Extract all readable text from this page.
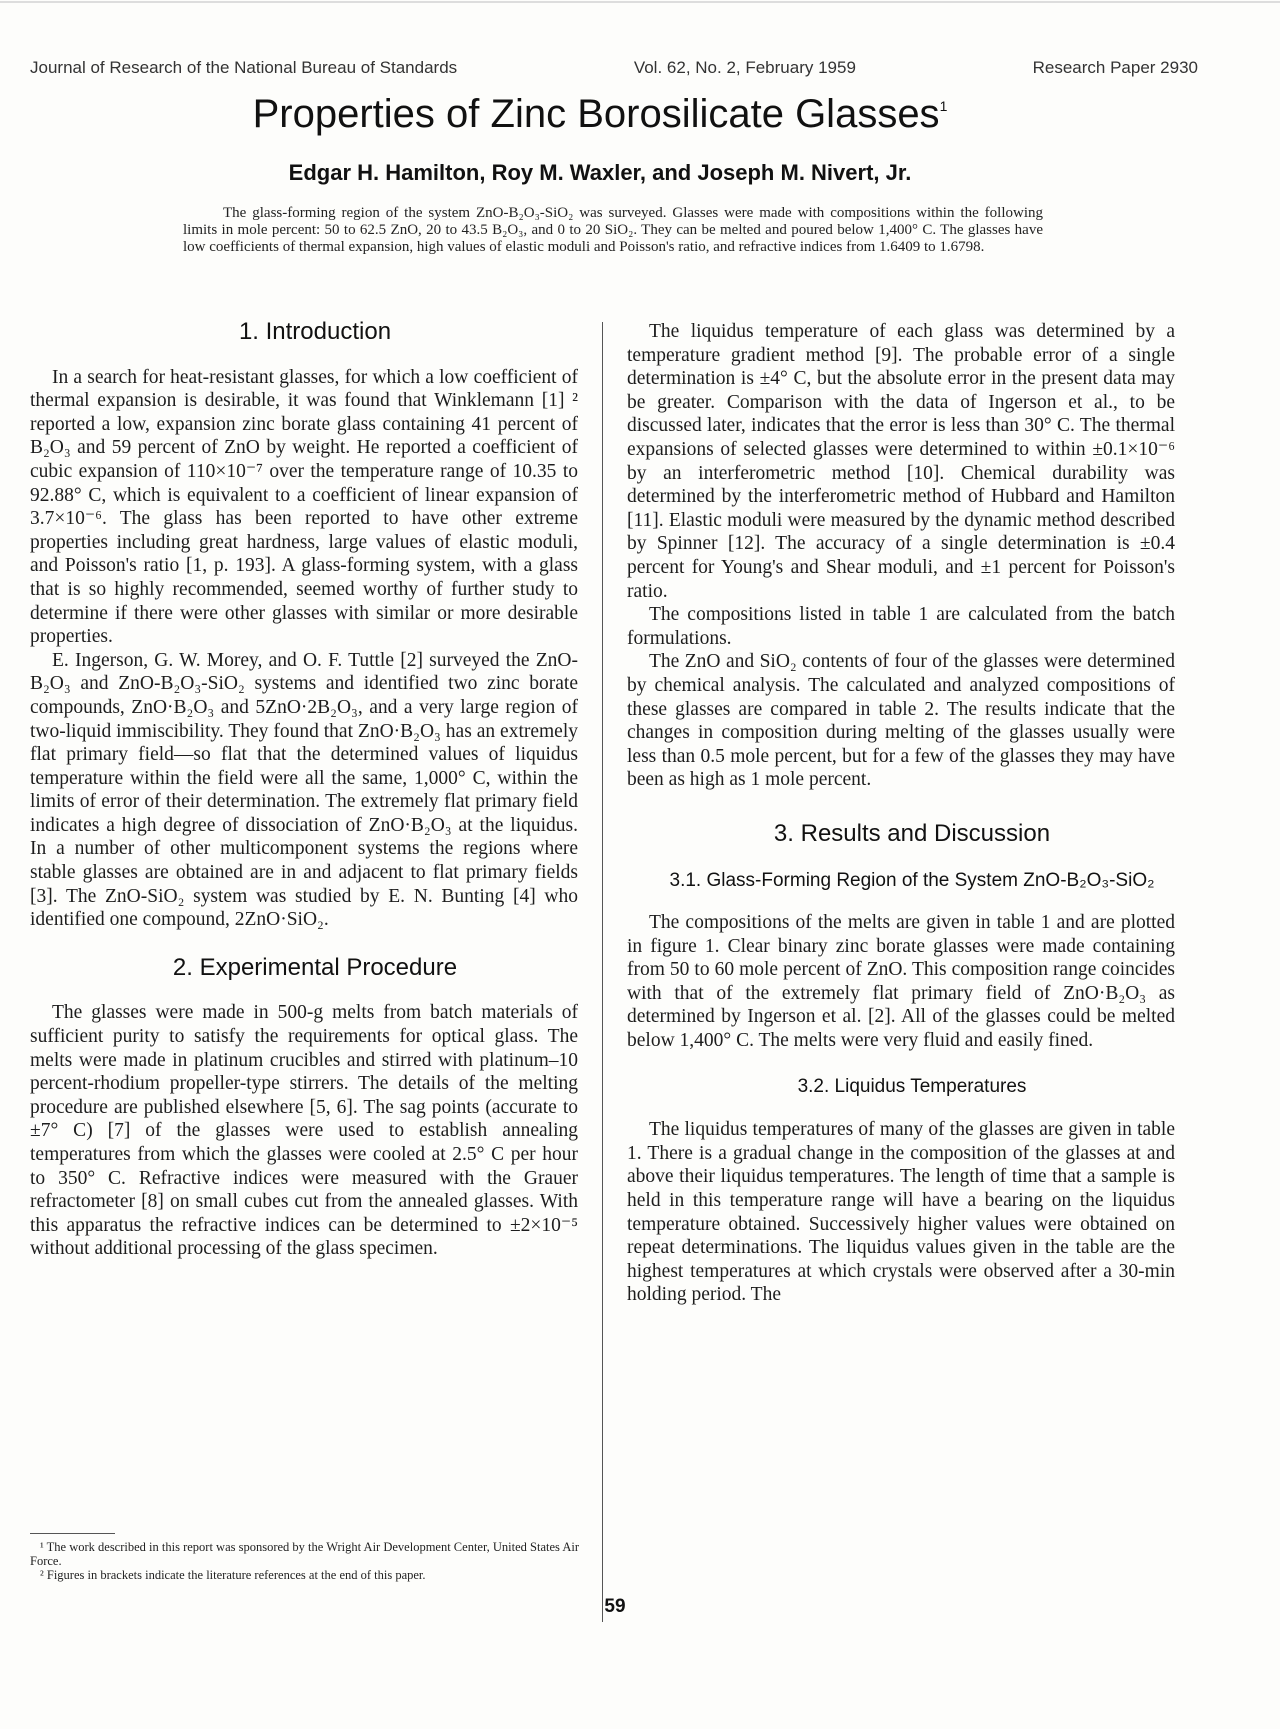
Journal of Research of the National Bureau of Standards	Vol. 62, No. 2, February 1959	Research Paper 2930
Properties of Zinc Borosilicate Glasses$^1$
Edgar H. Hamilton, Roy M. Waxler, and Joseph M. Nivert, Jr.
The glass-forming region of the system ZnO-B₂O₃-SiO₂ was surveyed. Glasses were made with compositions within the following limits in mole percent: 50 to 62.5 ZnO, 20 to 43.5 B₂O₃, and 0 to 20 SiO₂. They can be melted and poured below 1,400° C. The glasses have low coefficients of thermal expansion, high values of elastic moduli and Poisson's ratio, and refractive indices from 1.6409 to 1.6798.

1. Introduction

In a search for heat-resistant glasses, for which a low coefficient of thermal expansion is desirable, it was found that Winklemann [1] ² reported a low, expansion zinc borate glass containing 41 percent of B₂O₃ and 59 percent of ZnO by weight. He reported a coefficient of cubic expansion of 110×10⁻⁷ over the temperature range of 10.35 to 92.88° C, which is equivalent to a coefficient of linear expansion of 3.7×10⁻⁶. The glass has been reported to have other extreme properties including great hardness, large values of elastic moduli, and Poisson's ratio [1, p. 193]. A glass-forming system, with a glass that is so highly recommended, seemed worthy of further study to determine if there were other glasses with similar or more desirable properties.

E. Ingerson, G. W. Morey, and O. F. Tuttle [2] surveyed the ZnO-B₂O₃ and ZnO-B₂O₃-SiO₂ systems and identified two zinc borate compounds, ZnO·B₂O₃ and 5ZnO·2B₂O₃, and a very large region of two-liquid immiscibility. They found that ZnO·B₂O₃ has an extremely flat primary field—so flat that the determined values of liquidus temperature within the field were all the same, 1,000° C, within the limits of error of their determination. The extremely flat primary field indicates a high degree of dissociation of ZnO·B₂O₃ at the liquidus. In a number of other multicomponent systems the regions where stable glasses are obtained are in and adjacent to flat primary fields [3]. The ZnO-SiO₂ system was studied by E. N. Bunting [4] who identified one compound, 2ZnO·SiO₂.

2. Experimental Procedure

The glasses were made in 500-g melts from batch materials of sufficient purity to satisfy the requirements for optical glass. The melts were made in platinum crucibles and stirred with platinum–10 percent-rhodium propeller-type stirrers. The details of the melting procedure are published elsewhere [5, 6]. The sag points (accurate to ±7° C) [7] of the glasses were used to establish annealing temperatures from which the glasses were cooled at 2.5° C per hour to 350° C. Refractive indices were measured with the Grauer refractometer [8] on small cubes cut from the annealed glasses. With this apparatus the refractive indices can be determined to ±2×10⁻⁵ without additional processing of the glass specimen.

The liquidus temperature of each glass was determined by a temperature gradient method [9]. The probable error of a single determination is ±4° C, but the absolute error in the present data may be greater. Comparison with the data of Ingerson et al., to be discussed later, indicates that the error is less than 30° C. The thermal expansions of selected glasses were determined to within ±0.1×10⁻⁶ by an interferometric method [10]. Chemical durability was determined by the interferometric method of Hubbard and Hamilton [11]. Elastic moduli were measured by the dynamic method described by Spinner [12]. The accuracy of a single determination is ±0.4 percent for Young's and Shear moduli, and ±1 percent for Poisson's ratio.

The compositions listed in table 1 are calculated from the batch formulations.

The ZnO and SiO₂ contents of four of the glasses were determined by chemical analysis. The calculated and analyzed compositions of these glasses are compared in table 2. The results indicate that the changes in composition during melting of the glasses usually were less than 0.5 mole percent, but for a few of the glasses they may have been as high as 1 mole percent.

3. Results and Discussion

3.1. Glass-Forming Region of the System ZnO-B₂O₃-SiO₂

The compositions of the melts are given in table 1 and are plotted in figure 1. Clear binary zinc borate glasses were made containing from 50 to 60 mole percent of ZnO. This composition range coincides with that of the extremely flat primary field of ZnO·B₂O₃ as determined by Ingerson et al. [2]. All of the glasses could be melted below 1,400° C. The melts were very fluid and easily fined.

3.2. Liquidus Temperatures

The liquidus temperatures of many of the glasses are given in table 1. There is a gradual change in the composition of the glasses at and above their liquidus temperatures. The length of time that a sample is held in this temperature range will have a bearing on the liquidus temperature obtained. Successively higher values were obtained on repeat determinations. The liquidus values given in the table are the highest temperatures at which crystals were observed after a 30-min holding period. The

¹ The work described in this report was sponsored by the Wright Air Development Center, United States Air Force.
² Figures in brackets indicate the literature references at the end of this paper.
59
